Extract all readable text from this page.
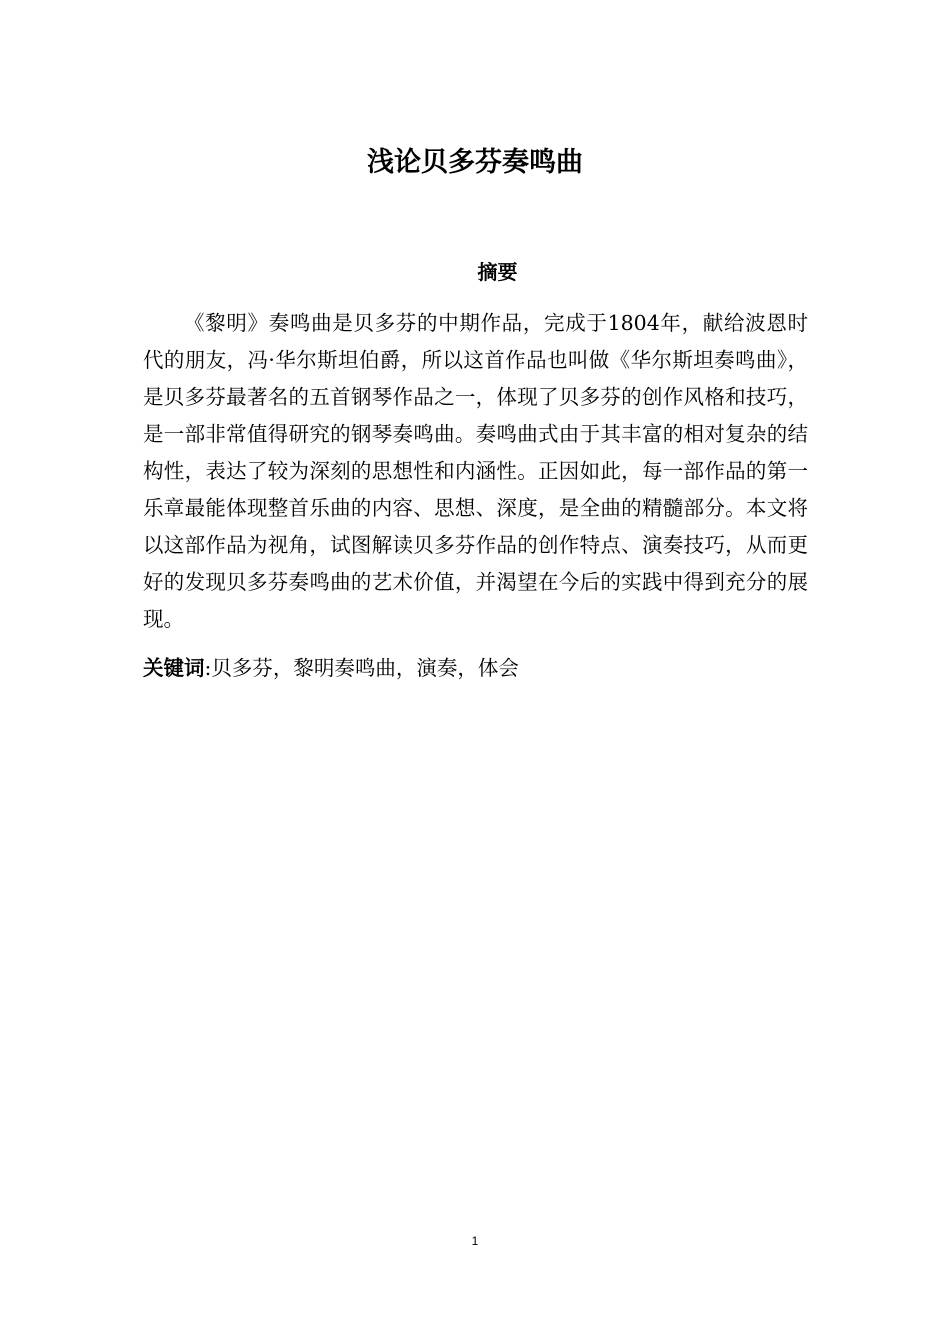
浅论贝多芬奏鸣曲
摘要

《黎明》奏鸣曲是贝多芬的中期作品，完成于1804年，献给波恩时代的朋友，冯·华尔斯坦伯爵，所以这首作品也叫做《华尔斯坦奏鸣曲》，是贝多芬最著名的五首钢琴作品之一，体现了贝多芬的创作风格和技巧，是一部非常值得研究的钢琴奏鸣曲。奏鸣曲式由于其丰富的相对复杂的结构性，表达了较为深刻的思想性和内涵性。正因如此，每一部作品的第一乐章最能体现整首乐曲的内容、思想、深度，是全曲的精髓部分。本文将以这部作品为视角，试图解读贝多芬作品的创作特点、演奏技巧，从而更好的发现贝多芬奏鸣曲的艺术价值，并渴望在今后的实践中得到充分的展现。

关键词:贝多芬，黎明奏鸣曲，演奏，体会

1
